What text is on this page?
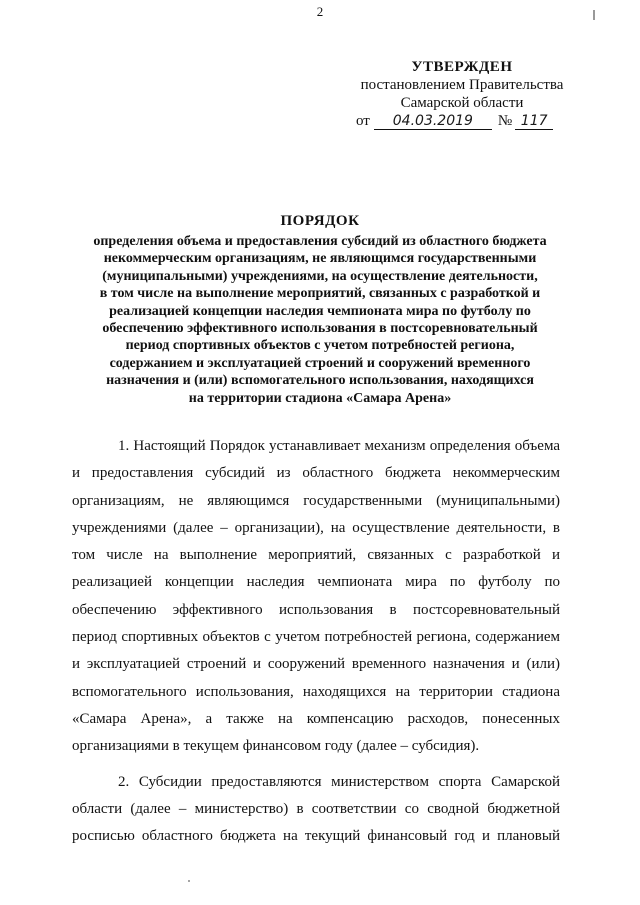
2
УТВЕРЖДЕН
постановлением Правительства
Самарской области
от	04.03.2019	№ 117
ПОРЯДОК
определения объема и предоставления субсидий из областного бюджета
некоммерческим организациям, не являющимся государственными
(муниципальными) учреждениями, на осуществление деятельности,
в том числе на выполнение мероприятий, связанных с разработкой и
реализацией концепции наследия чемпионата мира по футболу по
обеспечению эффективного использования в постсоревновательный
период спортивных объектов с учетом потребностей региона,
содержанием и эксплуатацией строений и сооружений временного
назначения и (или) вспомогательного использования, находящихся
на территории стадиона «Самара Арена»
1. Настоящий Порядок устанавливает механизм определения объема
и предоставления субсидий из областного бюджета некоммерческим
организациям, не являющимся государственными (муниципальными)
учреждениями (далее – организации), на осуществление деятельности, в
том числе на выполнение мероприятий, связанных с разработкой и
реализацией концепции наследия чемпионата мира по футболу по
обеспечению эффективного использования в постсоревновательный
период спортивных объектов с учетом потребностей региона, содержанием
и эксплуатацией строений и сооружений временного назначения и (или)
вспомогательного использования, находящихся на территории стадиона
«Самара Арена», а также на компенсацию расходов, понесенных
организациями в текущем финансовом году (далее – субсидия).
2. Субсидии предоставляются министерством спорта Самарской
области (далее – министерство) в соответствии со сводной бюджетной
росписью областного бюджета на текущий финансовый год и плановый
